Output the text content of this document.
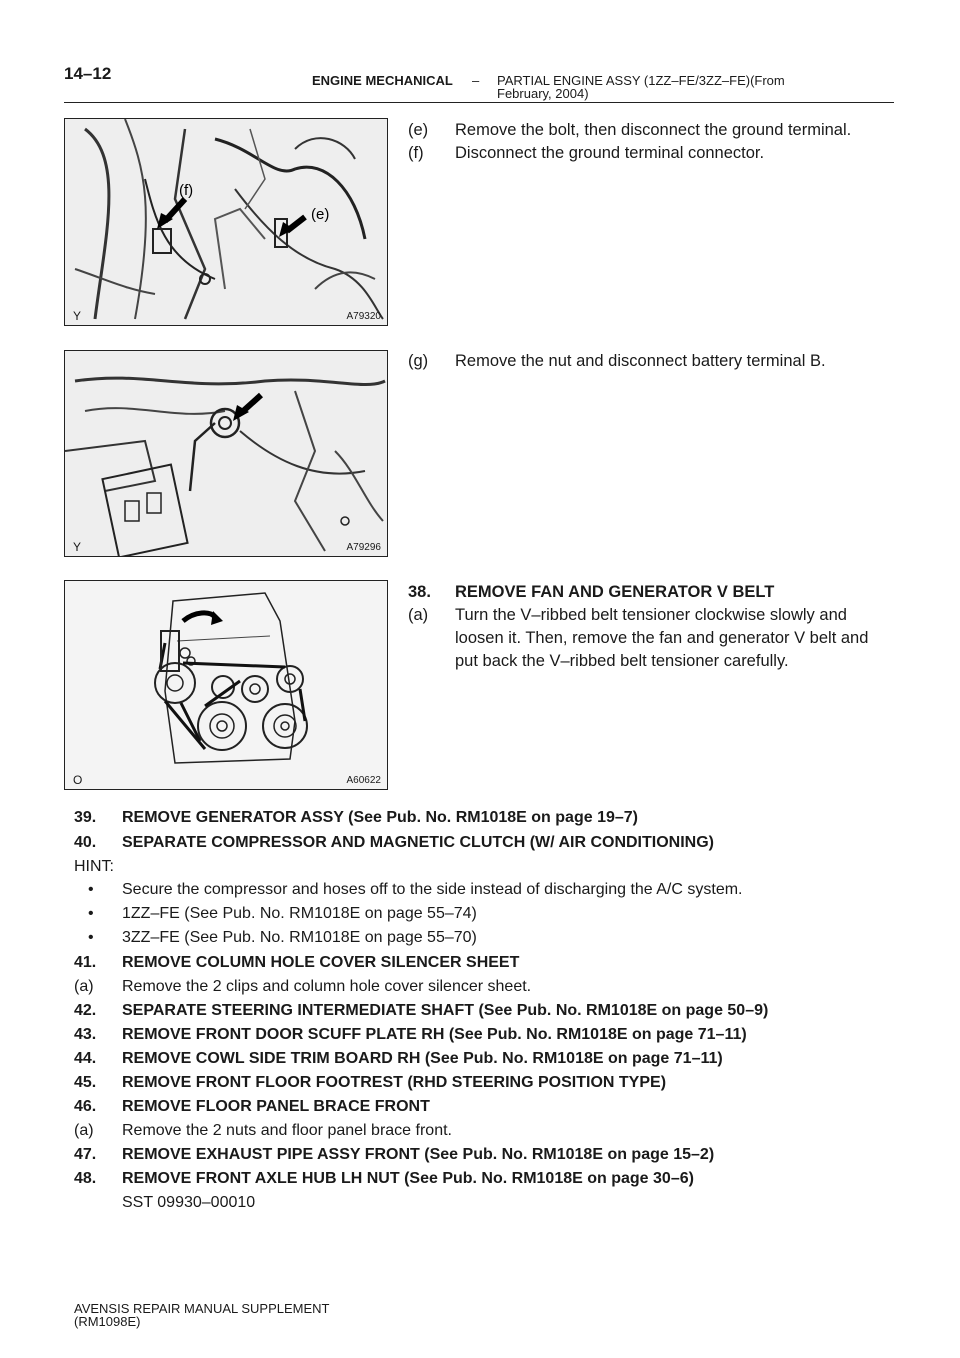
14–12	ENGINE MECHANICAL – PARTIAL ENGINE ASSY (1ZZ–FE/3ZZ–FE)(From
February, 2004)
(f)
(e)
Y	A79320
Y	A79296
O	A60622
(e) Remove the bolt, then disconnect the ground terminal.
(f) Disconnect the ground terminal connector.
(g) Remove the nut and disconnect battery terminal B.
38. REMOVE FAN AND GENERATOR V BELT
(a) Turn the V–ribbed belt tensioner clockwise slowly and
loosen it. Then, remove the fan and generator V belt and
put back the V–ribbed belt tensioner carefully.
39. REMOVE GENERATOR ASSY (See Pub. No. RM1018E on page 19–7)
40. SEPARATE COMPRESSOR AND MAGNETIC CLUTCH (W/ AIR CONDITIONING)
HINT:
• Secure the compressor and hoses off to the side instead of discharging the A/C system.
• 1ZZ–FE (See Pub. No. RM1018E on page 55–74)
• 3ZZ–FE (See Pub. No. RM1018E on page 55–70)
41. REMOVE COLUMN HOLE COVER SILENCER SHEET
(a) Remove the 2 clips and column hole cover silencer sheet.
42. SEPARATE STEERING INTERMEDIATE SHAFT (See Pub. No. RM1018E on page 50–9)
43. REMOVE FRONT DOOR SCUFF PLATE RH (See Pub. No. RM1018E on page 71–11)
44. REMOVE COWL SIDE TRIM BOARD RH (See Pub. No. RM1018E on page 71–11)
45. REMOVE FRONT FLOOR FOOTREST (RHD STEERING POSITION TYPE)
46. REMOVE FLOOR PANEL BRACE FRONT
(a) Remove the 2 nuts and floor panel brace front.
47. REMOVE EXHAUST PIPE ASSY FRONT (See Pub. No. RM1018E on page 15–2)
48. REMOVE FRONT AXLE HUB LH NUT (See Pub. No. RM1018E on page 30–6)
SST 09930–00010
AVENSIS REPAIR MANUAL SUPPLEMENT
(RM1098E)
